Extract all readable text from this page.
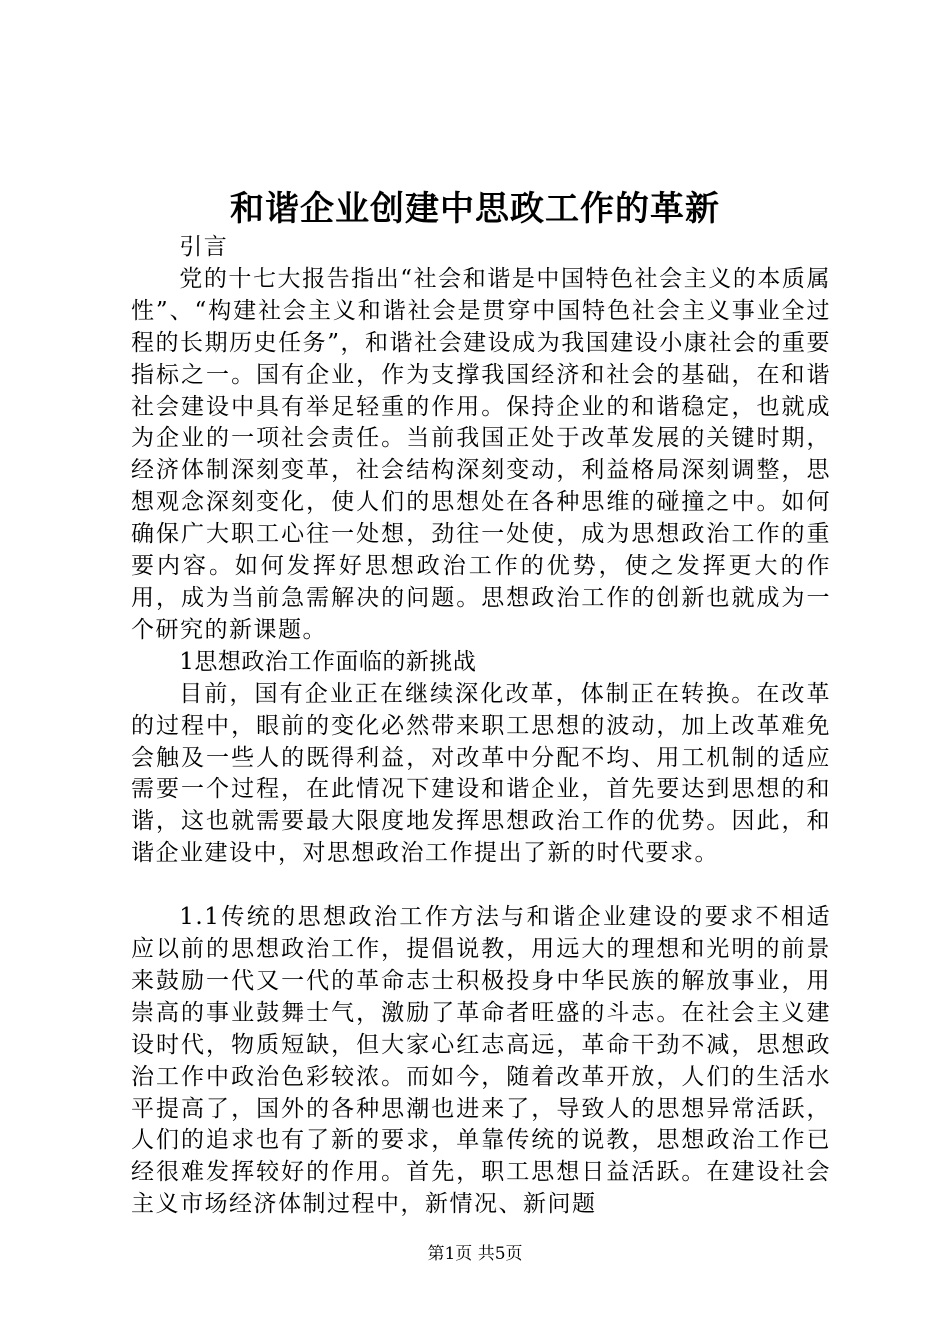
和谐企业创建中思政工作的革新

引言

党的十七大报告指出“社会和谐是中国特色社会主义的本质属性”、“构建社会主义和谐社会是贯穿中国特色社会主义事业全过程的长期历史任务”，和谐社会建设成为我国建设小康社会的重要指标之一。国有企业，作为支撑我国经济和社会的基础，在和谐社会建设中具有举足轻重的作用。保持企业的和谐稳定，也就成为企业的一项社会责任。当前我国正处于改革发展的关键时期，经济体制深刻变革，社会结构深刻变动，利益格局深刻调整，思想观念深刻变化，使人们的思想处在各种思维的碰撞之中。如何确保广大职工心往一处想，劲往一处使，成为思想政治工作的重要内容。如何发挥好思想政治工作的优势，使之发挥更大的作用，成为当前急需解决的问题。思想政治工作的创新也就成为一个研究的新课题。

1思想政治工作面临的新挑战

目前，国有企业正在继续深化改革，体制正在转换。在改革的过程中，眼前的变化必然带来职工思想的波动，加上改革难免会触及一些人的既得利益，对改革中分配不均、用工机制的适应需要一个过程，在此情况下建设和谐企业，首先要达到思想的和谐，这也就需要最大限度地发挥思想政治工作的优势。因此，和谐企业建设中，对思想政治工作提出了新的时代要求。

1.1传统的思想政治工作方法与和谐企业建设的要求不相适应以前的思想政治工作，提倡说教，用远大的理想和光明的前景来鼓励一代又一代的革命志士积极投身中华民族的解放事业，用崇高的事业鼓舞士气，激励了革命者旺盛的斗志。在社会主义建设时代，物质短缺，但大家心红志高远，革命干劲不减，思想政治工作中政治色彩较浓。而如今，随着改革开放，人们的生活水平提高了，国外的各种思潮也进来了，导致人的思想异常活跃，人们的追求也有了新的要求，单靠传统的说教，思想政治工作已经很难发挥较好的作用。首先，职工思想日益活跃。在建设社会主义市场经济体制过程中，新情况、新问题

第1页 共5页
